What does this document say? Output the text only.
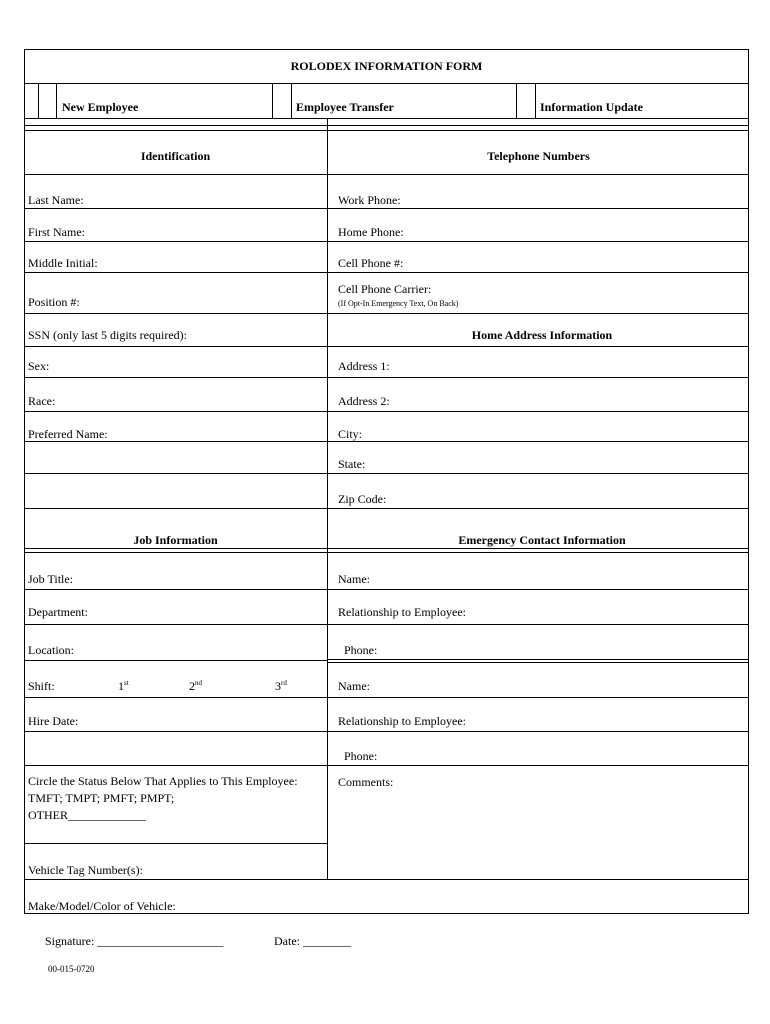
ROLODEX INFORMATION FORM
New Employee	Employee Transfer	Information Update
Identification	Telephone Numbers
Last Name:
First Name:
Middle Initial:
Position #:
SSN (only last 5 digits required):
Sex:
Race:
Preferred Name:
Work Phone:
Home Phone:
Cell Phone #:
Cell Phone Carrier:
(If Opt-In Emergency Text, On Back)
Home Address Information
Address 1:
Address 2:
City:
State:
Zip Code:
Job Information	Emergency Contact Information
Job Title:
Department:
Location:
Shift:	1st	2nd	3rd
Hire Date:
Circle the Status Below That Applies to This Employee:
TMFT; TMPT; PMFT; PMPT;
OTHER_____________
Vehicle Tag Number(s):
Make/Model/Color of Vehicle:
Name:
Relationship to Employee:
Phone:
Name:
Relationship to Employee:
Phone:
Comments:
Signature: _____________________	Date: ________
00-015-0720
